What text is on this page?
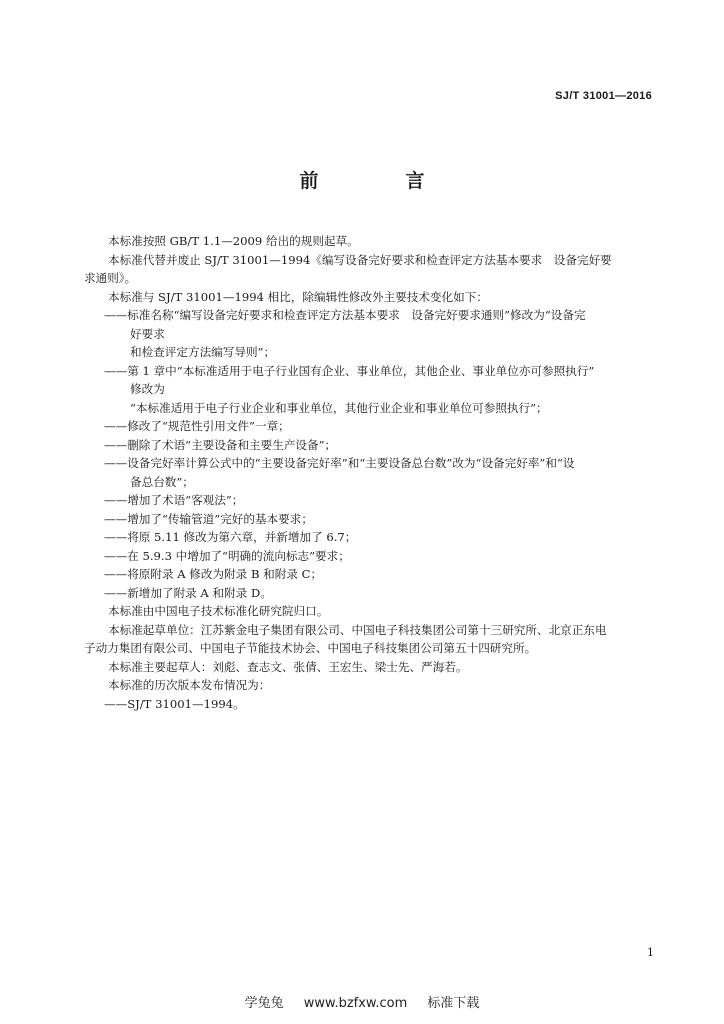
SJ/T 31001—2016
前　言
本标准按照 GB/T 1.1—2009 给出的规则起草。
本标准代替并废止 SJ/T 31001—1994《编写设备完好要求和检查评定方法基本要求　设备完好要
求通则》。
本标准与 SJ/T 31001—1994 相比，除编辑性修改外主要技术变化如下：
——标准名称“编写设备完好要求和检查评定方法基本要求　设备完好要求通则”修改为“设备完
好要求
和检查评定方法编写导则”；
——第 1 章中“本标准适用于电子行业国有企业、事业单位，其他企业、事业单位亦可参照执行”
修改为
“本标准适用于电子行业企业和事业单位，其他行业企业和事业单位可参照执行”；
——修改了“规范性引用文件”一章；
——删除了术语“主要设备和主要生产设备”；
——设备完好率计算公式中的“主要设备完好率”和“主要设备总台数”改为“设备完好率”和“设
备总台数”；
——增加了术语“客观法”；
——增加了“传输管道”完好的基本要求；
——将原 5.11 修改为第六章，并新增加了 6.7；
——在 5.9.3 中增加了“明确的流向标志”要求；
——将原附录 A 修改为附录 B 和附录 C；
——新增加了附录 A 和附录 D。
本标准由中国电子技术标准化研究院归口。
本标准起草单位：江苏紫金电子集团有限公司、中国电子科技集团公司第十三研究所、北京正东电
子动力集团有限公司、中国电子节能技术协会、中国电子科技集团公司第五十四研究所。
本标准主要起草人：刘彪、查志文、张倩、王宏生、梁士先、严海若。
本标准的历次版本发布情况为：
——SJ/T 31001—1994。
1
学兔兔 www.bzfxw.com 标准下载
